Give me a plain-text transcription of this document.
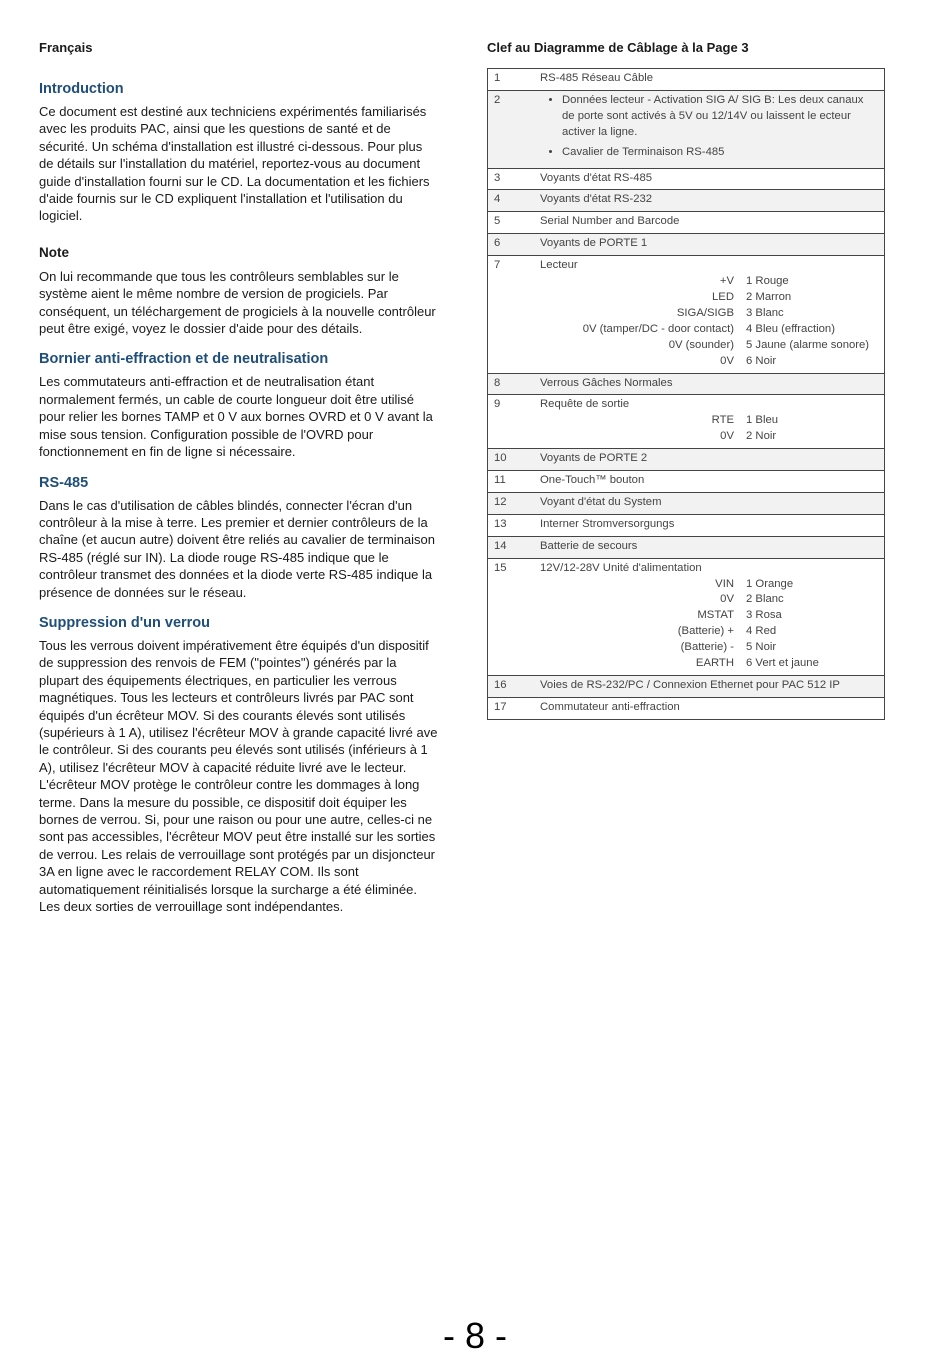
Français
Introduction

Ce document est destiné aux techniciens expérimentés familiarisés avec les produits PAC, ainsi que les questions de santé et de sécurité. Un schéma d'installation est illustré ci-dessous. Pour plus de détails sur l'installation du matériel, reportez-vous au document guide d'installation fourni sur le CD. La documentation et les fichiers d'aide fournis sur le CD expliquent l'installation et l'utilisation du logiciel.

Note

On lui recommande que tous les contrôleurs semblables sur le système aient le même nombre de version de progiciels. Par conséquent, un téléchargement de progiciels à la nouvelle contrôleur peut être exigé, voyez le dossier d'aide pour des détails.

Bornier anti-effraction et de neutralisation

Les commutateurs anti-effraction et de neutralisation étant normalement fermés, un cable de courte longueur doit être utilisé pour relier les bornes TAMP et 0 V aux bornes OVRD et 0 V avant la mise sous tension. Configuration possible de l'OVRD pour fonctionnement en fin de ligne si nécessaire.

RS-485

Dans le cas d'utilisation de câbles blindés, connecter l'écran d'un contrôleur à la mise à terre. Les premier et dernier contrôleurs de la chaîne (et aucun autre) doivent être reliés au cavalier de terminaison RS-485 (réglé sur IN). La diode rouge RS-485 indique que le contrôleur transmet des données et la diode verte RS-485 indique la présence de données sur le réseau.

Suppression d'un verrou

Tous les verrous doivent impérativement être équipés d'un dispositif de suppression des renvois de FEM ("pointes") générés par la plupart des équipements électriques, en particulier les verrous magnétiques. Tous les lecteurs et contrôleurs livrés par PAC sont équipés d'un écrêteur MOV. Si des courants élevés sont utilisés (supérieurs à 1 A), utilisez l'écrêteur MOV à grande capacité livré ave le contrôleur. Si des courants peu élevés sont utilisés (inférieurs à 1 A), utilisez l'écrêteur MOV à capacité réduite livré ave le lecteur. L'écrêteur MOV protège le contrôleur contre les dommages à long terme. Dans la mesure du possible, ce dispositif doit équiper les bornes de verrou. Si, pour une raison ou pour une autre, celles-ci ne sont pas accessibles, l'écrêteur MOV peut être installé sur les sorties de verrou. Les relais de verrouillage sont protégés par un disjoncteur 3A en ligne avec le raccordement RELAY COM. Ils sont automatiquement réinitialisés lorsque la surcharge a été éliminée. Les deux sorties de verrouillage sont indépendantes.

Clef au Diagramme de Câblage à la Page 3
1	RS-485 Réseau Câble
2
•	Données lecteur - Activation SIG A/ SIG B: Les deux canaux de porte sont activés à 5V ou 12/14V ou laissent le ecteur activer la ligne.
• Cavalier de Terminaison RS-485
3	Voyants d'état RS-485
4	Voyants d'état RS-232
5	Serial Number and Barcode
6	Voyants de PORTE 1
7	Lecteur
+V	1 Rouge
LED	2 Marron
SIGA/SIGB	3 Blanc
0V (tamper/DC - door contact)	4 Bleu (effraction)
0V (sounder)	5 Jaune (alarme sonore)
0V	6 Noir
8	Verrous Gâches Normales
9	Requête de sortie
RTE	1 Bleu
0V	2 Noir
10	Voyants de PORTE 2
11	One-Touch™ bouton
12	Voyant d'état du System
13	Interner Stromversorgungs
14	Batterie de secours
15	12V/12-28V Unité d'alimentation
VIN	1 Orange
0V	2 Blanc
MSTAT	3 Rosa
(Batterie) +	4 Red
(Batterie) -	5 Noir
EARTH	6 Vert et jaune
16	Voies de RS-232/PC / Connexion Ethernet pour PAC 512 IP
17	Commutateur anti-effraction
- 8 -
